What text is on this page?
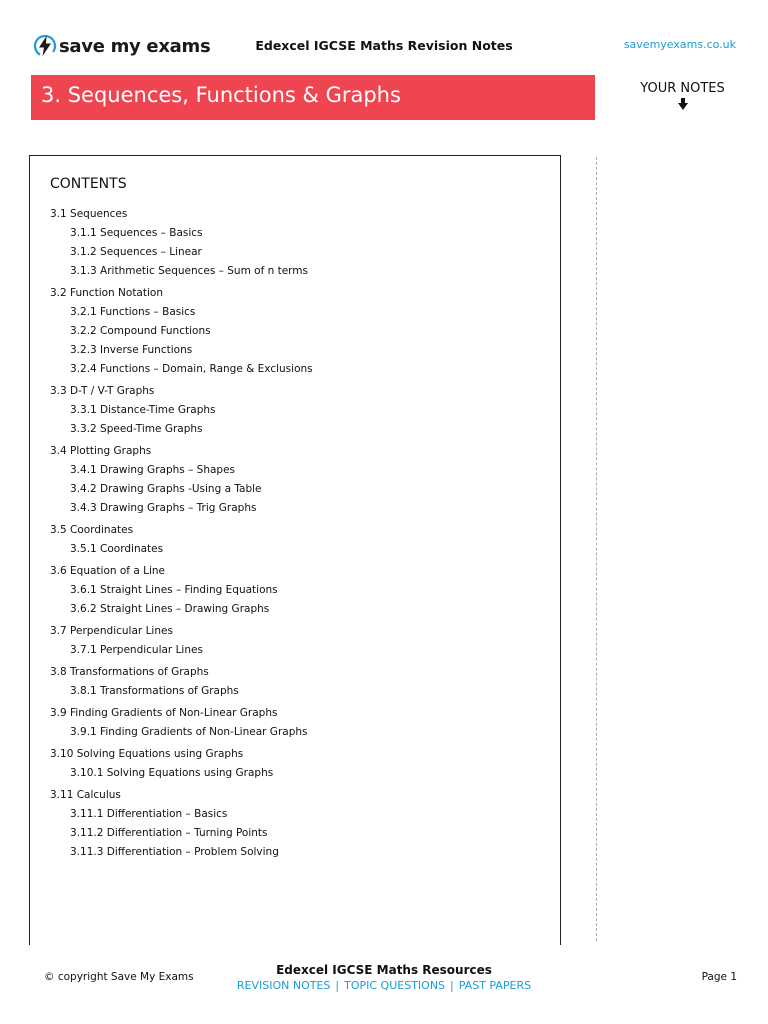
save my exams	Edexcel IGCSE Maths Revision Notes	savemyexams.co.uk
3. Sequences, Functions & Graphs	YOUR NOTES
CONTENTS
3.1 Sequences
3.1.1 Sequences – Basics
3.1.2 Sequences – Linear
3.1.3 Arithmetic Sequences – Sum of n terms
3.2 Function Notation
3.2.1 Functions – Basics
3.2.2 Compound Functions
3.2.3 Inverse Functions
3.2.4 Functions – Domain, Range & Exclusions
3.3 D-T / V-T Graphs
3.3.1 Distance-Time Graphs
3.3.2 Speed-Time Graphs
3.4 Plotting Graphs
3.4.1 Drawing Graphs – Shapes
3.4.2 Drawing Graphs -Using a Table
3.4.3 Drawing Graphs – Trig Graphs
3.5 Coordinates
3.5.1 Coordinates
3.6 Equation of a Line
3.6.1 Straight Lines – Finding Equations
3.6.2 Straight Lines – Drawing Graphs
3.7 Perpendicular Lines
3.7.1 Perpendicular Lines
3.8 Transformations of Graphs
3.8.1 Transformations of Graphs
3.9 Finding Gradients of Non-Linear Graphs
3.9.1 Finding Gradients of Non-Linear Graphs
3.10 Solving Equations using Graphs
3.10.1 Solving Equations using Graphs
3.11 Calculus
3.11.1 Differentiation – Basics
3.11.2 Differentiation – Turning Points
3.11.3 Differentiation – Problem Solving
© copyright Save My Exams	Edexcel IGCSE Maths Resources
REVISION NOTES | TOPIC QUESTIONS | PAST PAPERS
Page 1
